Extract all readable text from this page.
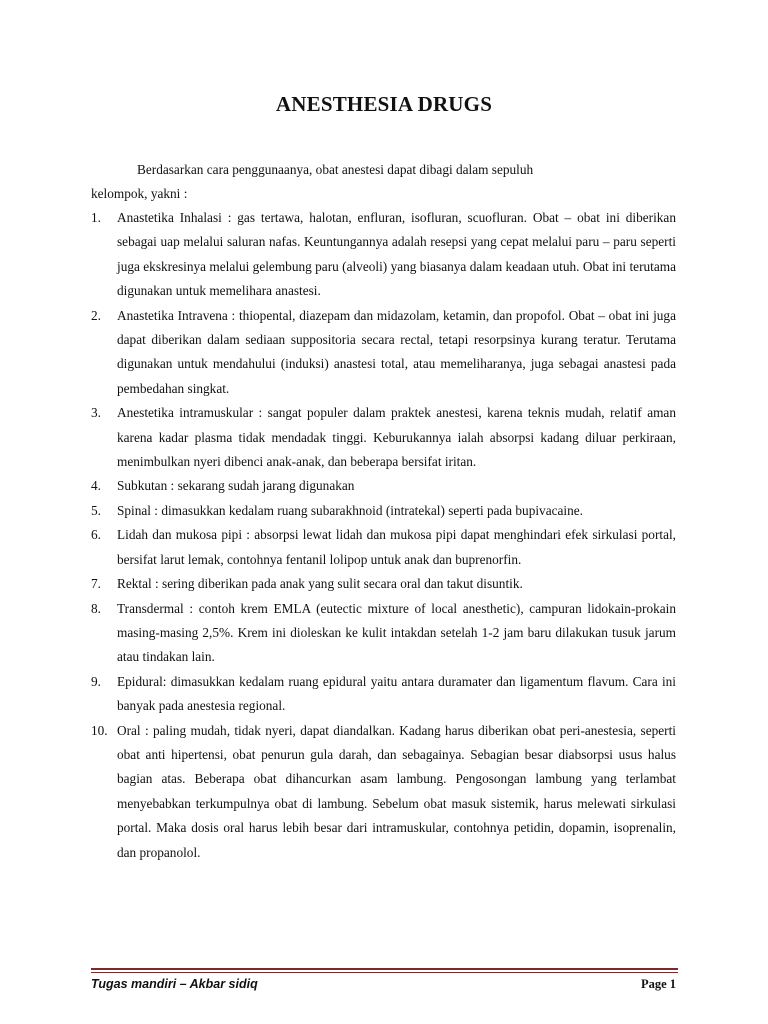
ANESTHESIA DRUGS

Berdasarkan cara penggunaanya, obat anestesi dapat dibagi dalam sepuluh
kelompok, yakni :

1.	Anastetika Inhalasi : gas tertawa, halotan, enfluran, isofluran, scuofluran. Obat – obat ini diberikan sebagai uap melalui saluran nafas. Keuntungannya adalah resepsi yang cepat melalui paru – paru seperti juga ekskresinya melalui gelembung paru (alveoli) yang biasanya dalam keadaan utuh. Obat ini terutama digunakan untuk memelihara anastesi.
2.	Anastetika Intravena : thiopental, diazepam dan midazolam, ketamin, dan propofol. Obat – obat ini juga dapat diberikan dalam sediaan suppositoria secara rectal, tetapi resorpsinya kurang teratur. Terutama digunakan untuk mendahului (induksi) anastesi total, atau memeliharanya, juga sebagai anastesi pada pembedahan singkat.
3.	Anestetika intramuskular : sangat populer dalam praktek anestesi, karena teknis mudah, relatif aman karena kadar plasma tidak mendadak tinggi. Keburukannya ialah absorpsi kadang diluar perkiraan, menimbulkan nyeri dibenci anak-anak, dan beberapa bersifat iritan.
4.	Subkutan : sekarang sudah jarang digunakan
5.	Spinal : dimasukkan kedalam ruang subarakhnoid (intratekal) seperti pada bupivacaine.
6.	Lidah dan mukosa pipi : absorpsi lewat lidah dan mukosa pipi dapat menghindari efek sirkulasi portal, bersifat larut lemak, contohnya fentanil lolipop untuk anak dan buprenorfin.
7.	Rektal : sering diberikan pada anak yang sulit secara oral dan takut disuntik.
8.	Transdermal : contoh krem EMLA (eutectic mixture of local anesthetic), campuran lidokain-prokain masing-masing 2,5%. Krem ini dioleskan ke kulit intakdan setelah 1-2 jam baru dilakukan tusuk jarum atau tindakan lain.
9.	Epidural: dimasukkan kedalam ruang epidural yaitu antara duramater dan ligamentum flavum. Cara ini banyak pada anestesia regional.
10. Oral : paling mudah, tidak nyeri, dapat diandalkan. Kadang harus diberikan obat peri-anestesia, seperti obat anti hipertensi, obat penurun gula darah, dan sebagainya. Sebagian besar diabsorpsi usus halus bagian atas. Beberapa obat dihancurkan asam lambung. Pengosongan lambung yang terlambat menyebabkan terkumpulnya obat di lambung. Sebelum obat masuk sistemik, harus melewati sirkulasi portal. Maka dosis oral harus lebih besar dari intramuskular, contohnya petidin, dopamin, isoprenalin, dan propanolol.
Tugas mandiri – Akbar sidiq	Page 1
